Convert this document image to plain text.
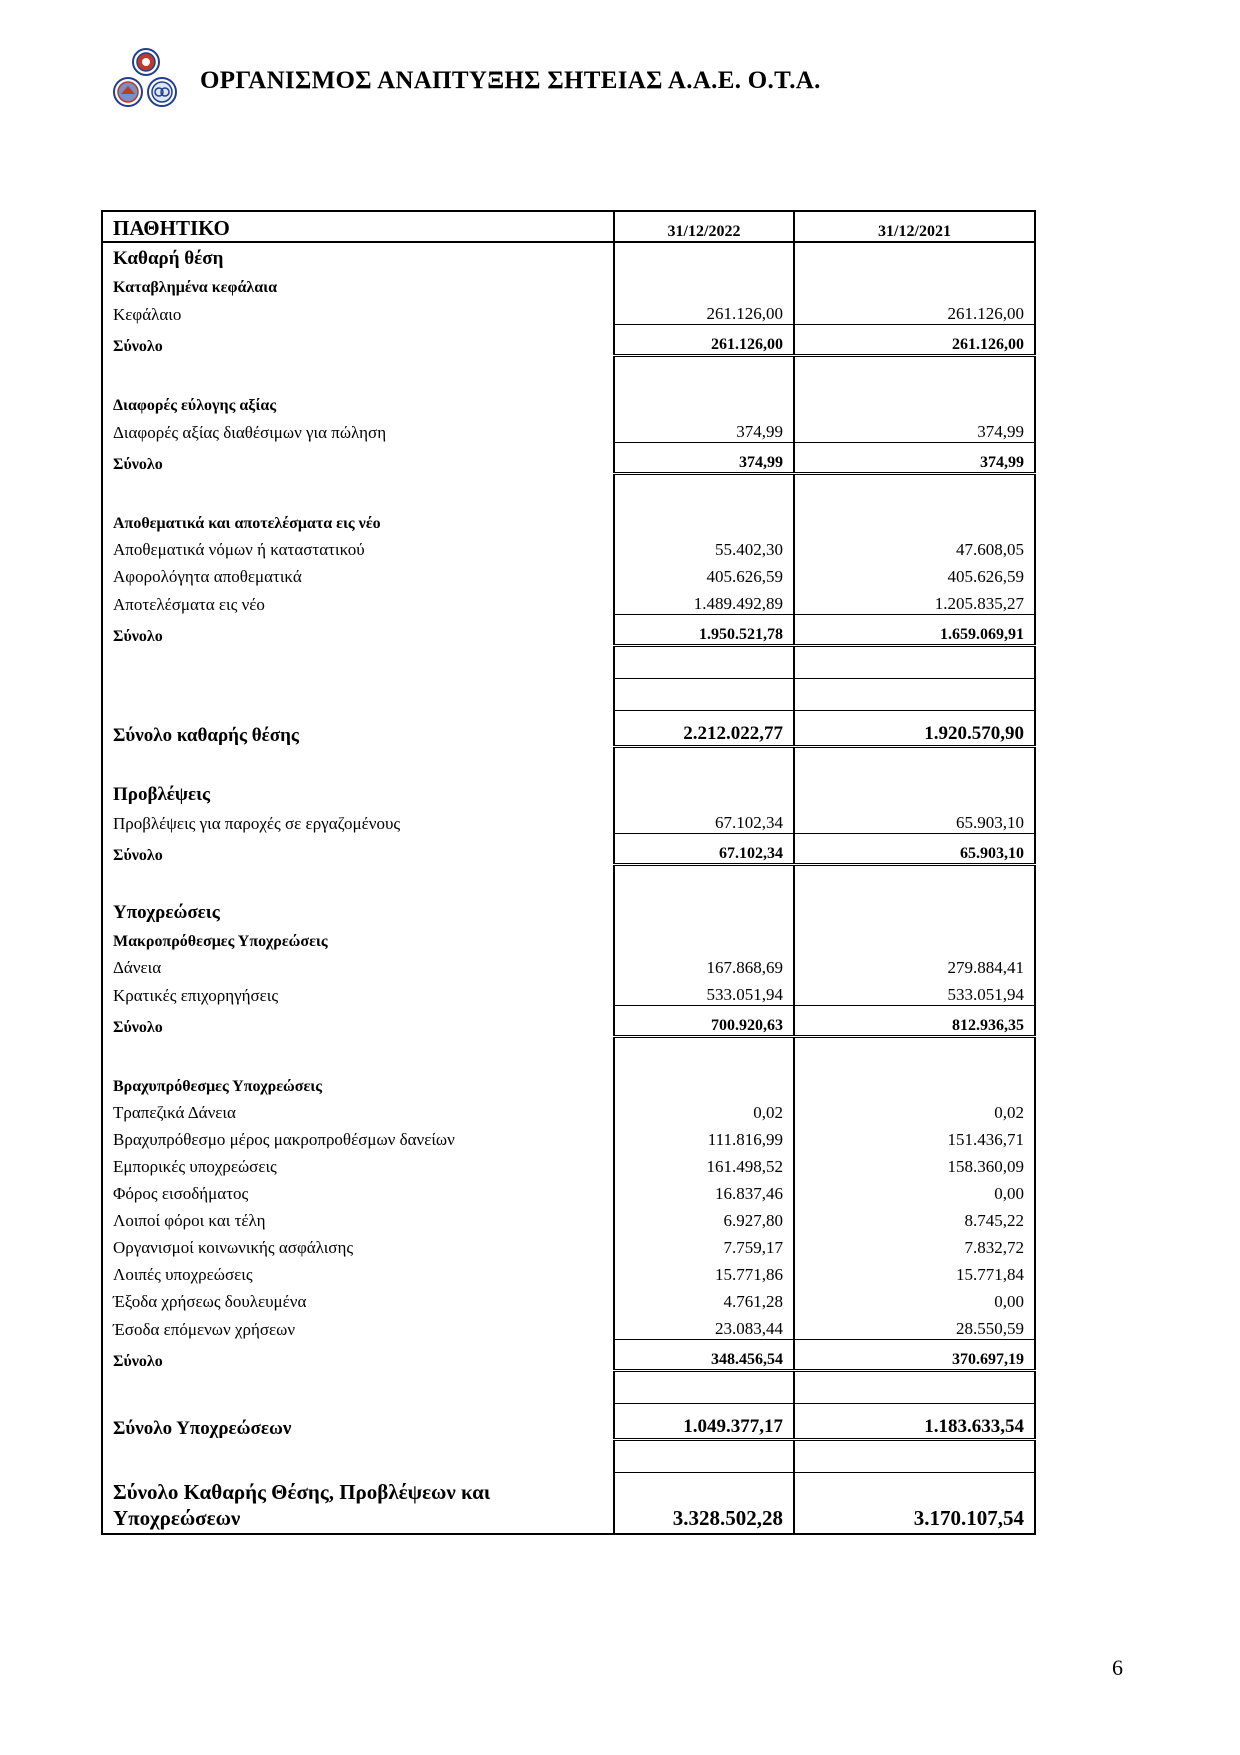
ΟΡΓΑΝΙΣΜΟΣ ΑΝΑΠΤΥΞΗΣ ΣΗΤΕΙΑΣ Α.Α.Ε. Ο.Τ.Α.
ΠΑΘΗΤΙΚΟ	31/12/2022	31/12/2021
Καθαρή θέση		
Καταβλημένα κεφάλαια		
Κεφάλαιο	261.126,00	261.126,00
Σύνολο	261.126,00	261.126,00

Διαφορές εύλογης αξίας		
Διαφορές αξίας διαθέσιμων για πώληση	374,99	374,99
Σύνολο	374,99	374,99

Αποθεματικά και αποτελέσματα εις νέο		
Αποθεματικά νόμων ή καταστατικού	55.402,30	47.608,05
Αφορολόγητα αποθεματικά	405.626,59	405.626,59
Αποτελέσματα εις νέο	1.489.492,89	1.205.835,27
Σύνολο	1.950.521,78	1.659.069,91

Σύνολο καθαρής θέσης	2.212.022,77	1.920.570,90

Προβλέψεις		
Προβλέψεις για παροχές σε εργαζομένους	67.102,34	65.903,10
Σύνολο	67.102,34	65.903,10

Υποχρεώσεις		
Μακροπρόθεσμες Υποχρεώσεις		
Δάνεια	167.868,69	279.884,41
Κρατικές επιχορηγήσεις	533.051,94	533.051,94
Σύνολο	700.920,63	812.936,35

Βραχυπρόθεσμες Υποχρεώσεις		
Τραπεζικά Δάνεια	0,02	0,02
Βραχυπρόθεσμο μέρος μακροπροθέσμων δανείων	111.816,99	151.436,71
Εμπορικές υποχρεώσεις	161.498,52	158.360,09
Φόρος εισοδήματος	16.837,46	0,00
Λοιποί φόροι και τέλη	6.927,80	8.745,22
Οργανισμοί κοινωνικής ασφάλισης	7.759,17	7.832,72
Λοιπές υποχρεώσεις	15.771,86	15.771,84
Έξοδα χρήσεως δουλευμένα	4.761,28	0,00
Έσοδα επόμενων χρήσεων	23.083,44	28.550,59
Σύνολο	348.456,54	370.697,19

Σύνολο Υποχρεώσεων	1.049.377,17	1.183.633,54

Σύνολο Καθαρής Θέσης, Προβλέψεων και Υποχρεώσεων	3.328.502,28	3.170.107,54
6
